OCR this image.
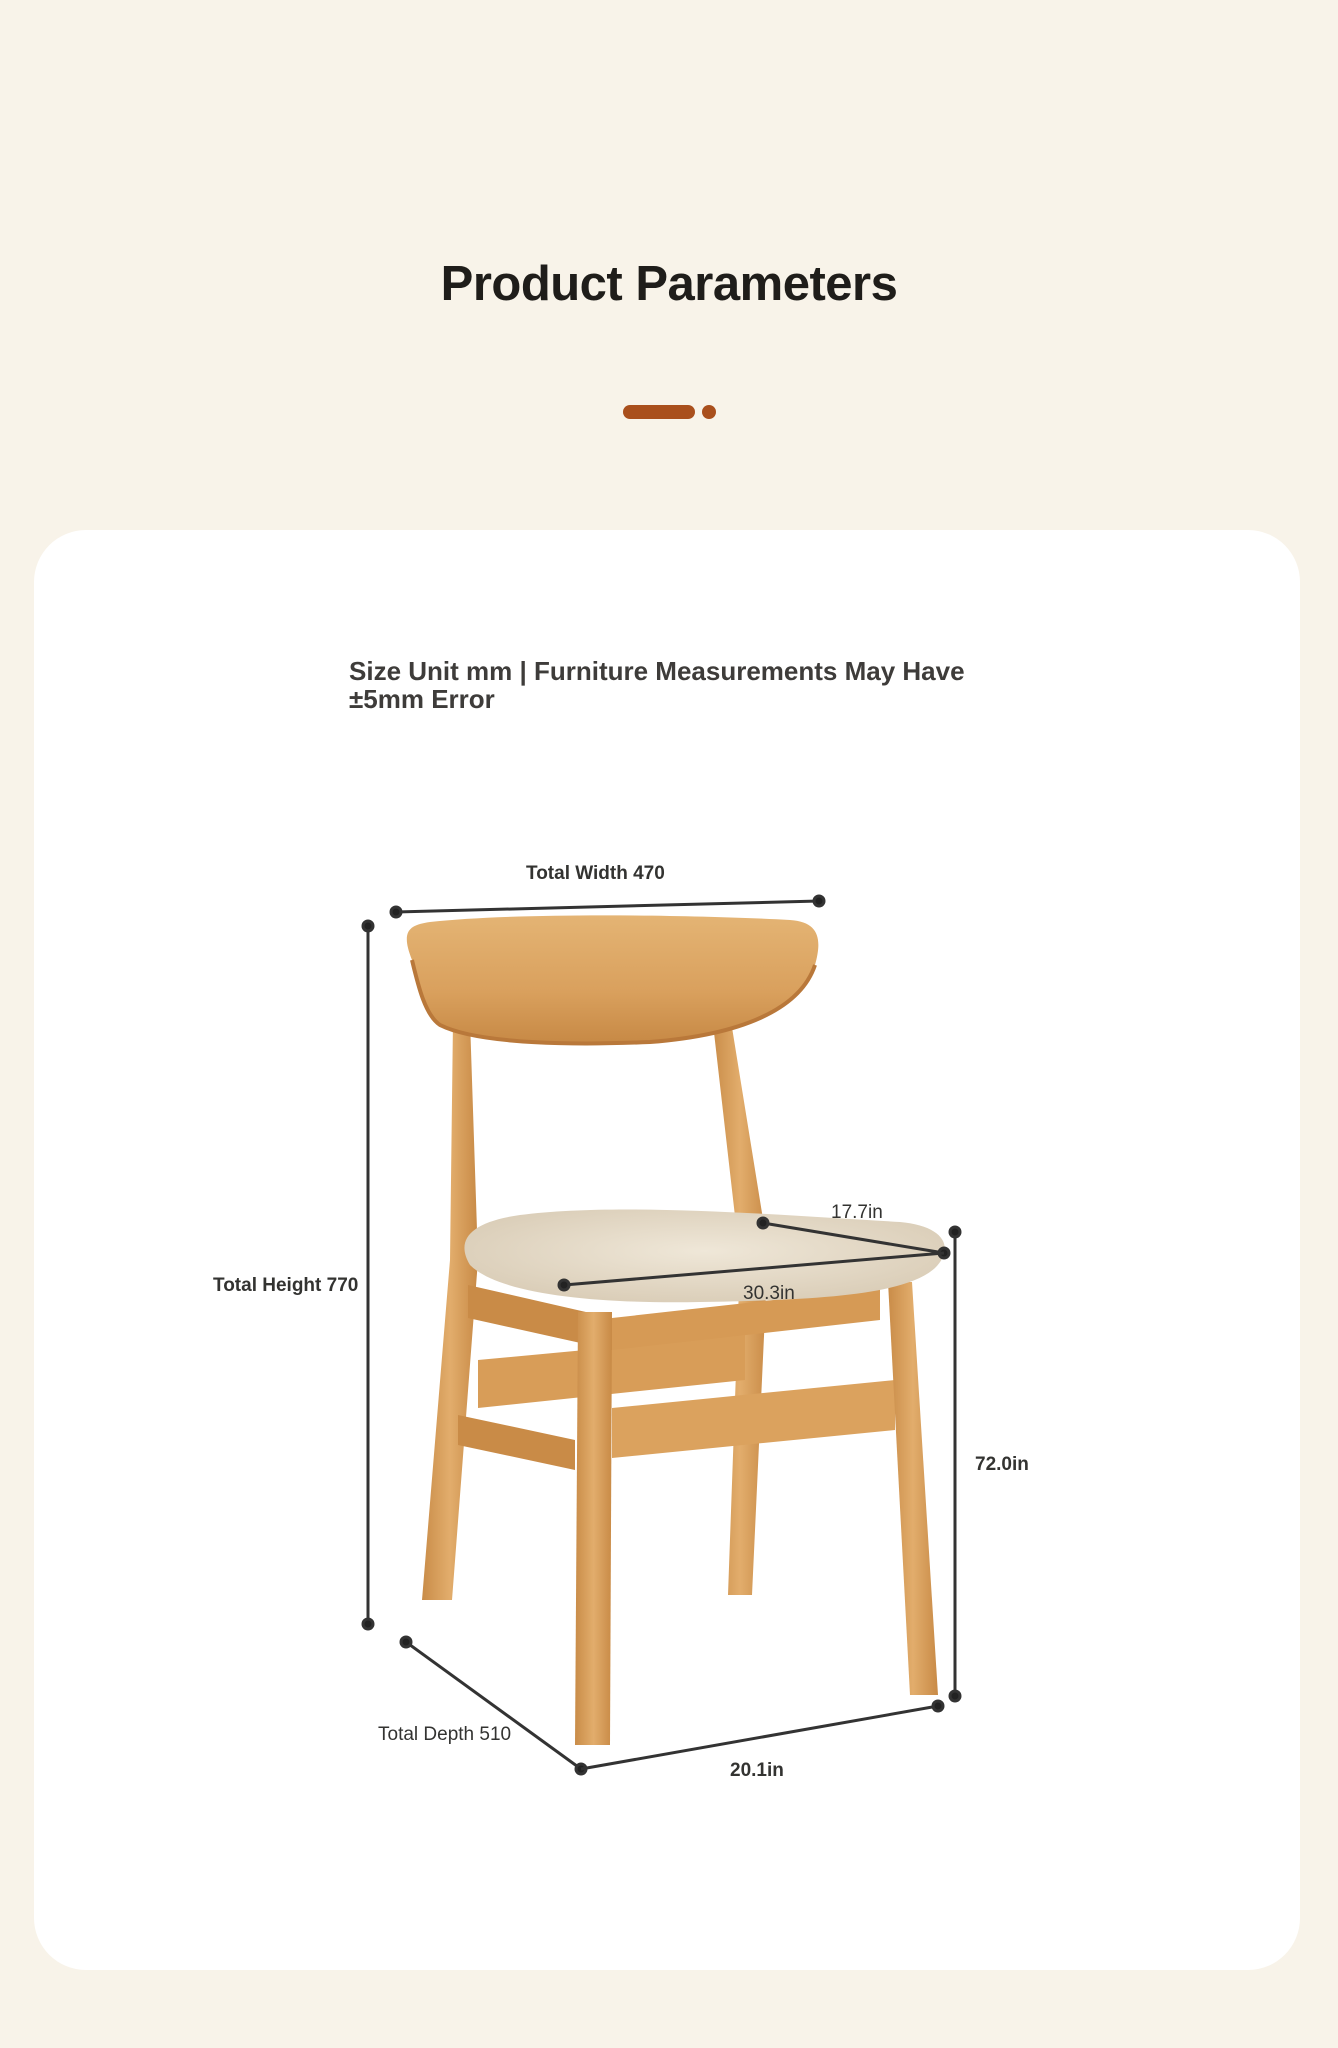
Product Parameters
Size Unit mm | Furniture Measurements May Have ±5mm Error
Total Width 470
Total Height 770
Total Depth 510
17.7in
30.3in
72.0in
20.1in
